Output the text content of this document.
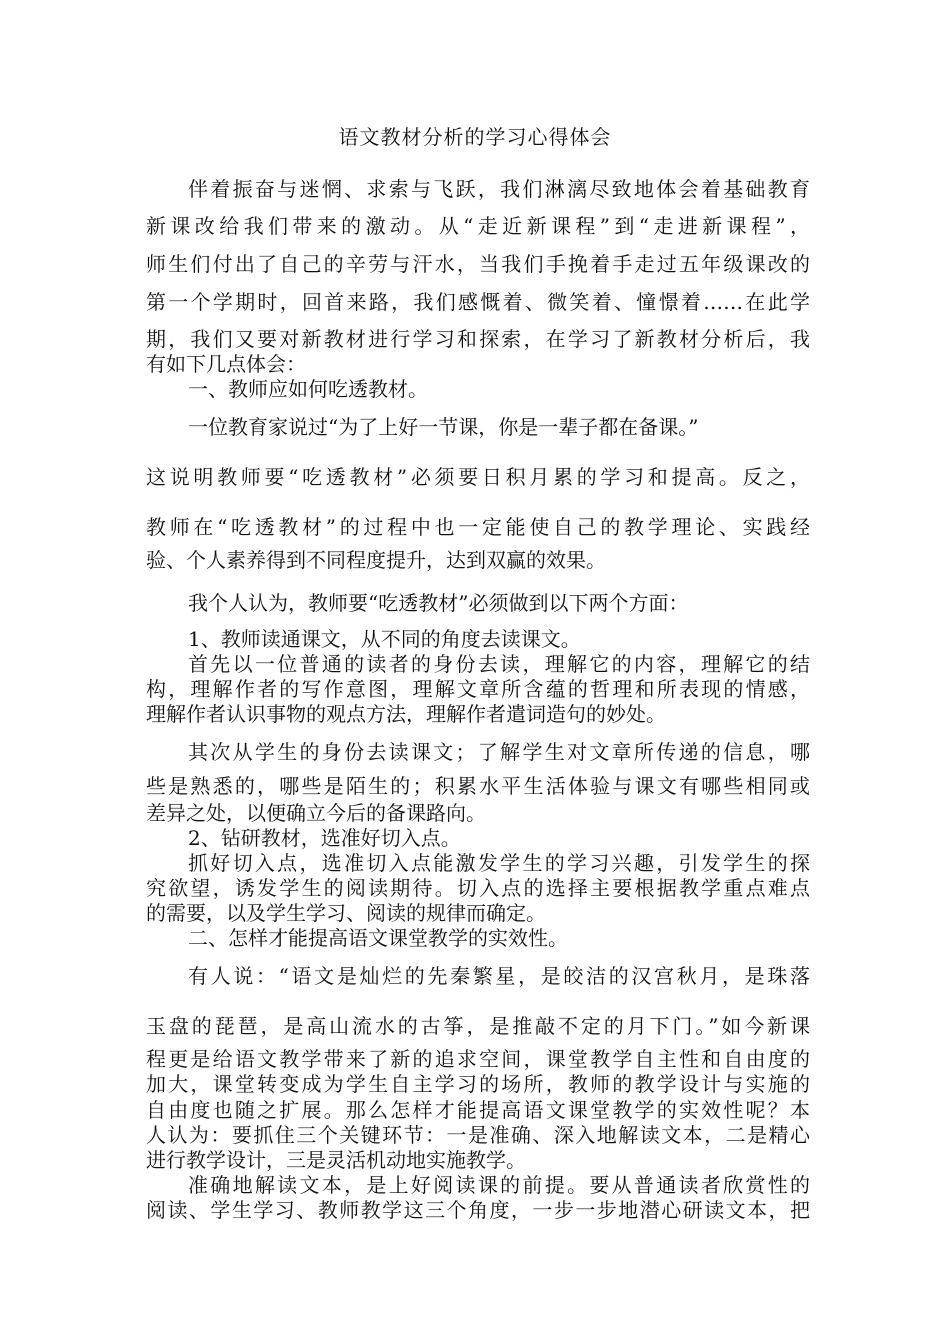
语文教材分析的学习心得体会
伴着振奋与迷惘、求索与飞跃，我们淋漓尽致地体会着基础教育
新课改给我们带来的激动。从“走近新课程”到“走进新课程”，
师生们付出了自己的辛劳与汗水，当我们手挽着手走过五年级课改的
第一个学期时，回首来路，我们感慨着、微笑着、憧憬着……在此学
期，我们又要对新教材进行学习和探索，在学习了新教材分析后，我
有如下几点体会：
一、教师应如何吃透教材。
一位教育家说过“为了上好一节课，你是一辈子都在备课。”
这说明教师要“吃透教材”必须要日积月累的学习和提高。反之，
教师在“吃透教材”的过程中也一定能使自己的教学理论、实践经
验、个人素养得到不同程度提升，达到双赢的效果。
我个人认为，教师要“吃透教材”必须做到以下两个方面：
1、教师读通课文，从不同的角度去读课文。
首先以一位普通的读者的身份去读，理解它的内容，理解它的结
构，理解作者的写作意图，理解文章所含蕴的哲理和所表现的情感，
理解作者认识事物的观点方法，理解作者遣词造句的妙处。
其次从学生的身份去读课文；了解学生对文章所传递的信息，哪
些是熟悉的，哪些是陌生的；积累水平生活体验与课文有哪些相同或
差异之处，以便确立今后的备课路向。
2、钻研教材，选准好切入点。
抓好切入点，选准切入点能激发学生的学习兴趣，引发学生的探
究欲望，诱发学生的阅读期待。切入点的选择主要根据教学重点难点
的需要，以及学生学习、阅读的规律而确定。
二、怎样才能提高语文课堂教学的实效性。
有人说：“语文是灿烂的先秦繁星，是皎洁的汉宫秋月，是珠落
玉盘的琵琶，是高山流水的古筝，是推敲不定的月下门。”如今新课
程更是给语文教学带来了新的追求空间，课堂教学自主性和自由度的
加大，课堂转变成为学生自主学习的场所，教师的教学设计与实施的
自由度也随之扩展。那么怎样才能提高语文课堂教学的实效性呢？本
人认为：要抓住三个关键环节：一是准确、深入地解读文本，二是精心
进行教学设计，三是灵活机动地实施教学。
准确地解读文本，是上好阅读课的前提。要从普通读者欣赏性的
阅读、学生学习、教师教学这三个角度，一步一步地潜心研读文本，把
